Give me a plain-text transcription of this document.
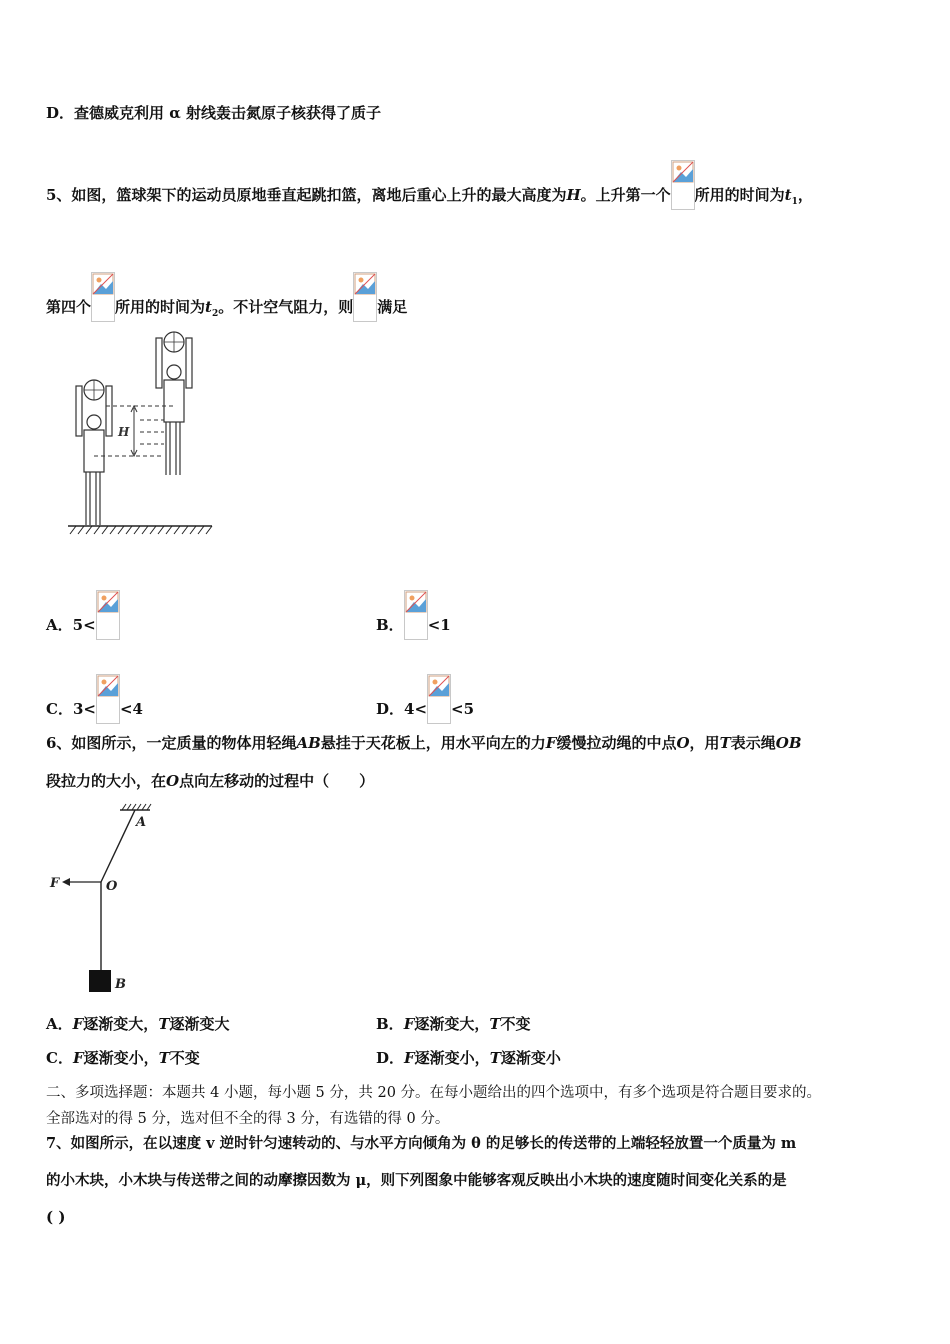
D．查德威克利用 α 射线轰击氮原子核获得了质子
5、如图，篮球架下的运动员原地垂直起跳扣篮，离地后重心上升的最大高度为H。上升第一个 所用的时间为$t_1$，
第四个 所用的时间为$t_2$。不计空气阻力，则 满足
H
A．5<	B． <1
C．3< <4	D．4< <5
6、如图所示，一定质量的物体用轻绳AB悬挂于天花板上，用水平向左的力F缓慢拉动绳的中点O，用T表示绳OB
段拉力的大小，在O点向左移动的过程中（　　）
A
F	O
B
A．F逐渐变大，T逐渐变大	B．F逐渐变大，T不变
C．F逐渐变小，T不变	D．F逐渐变小，T逐渐变小
二、多项选择题：本题共 4 小题，每小题 5 分，共 20 分。在每小题给出的四个选项中，有多个选项是符合题目要求的。
全部选对的得 5 分，选对但不全的得 3 分，有选错的得 0 分。
7、如图所示，在以速度 v 逆时针匀速转动的、与水平方向倾角为 θ 的足够长的传送带的上端轻轻放置一个质量为 m
的小木块，小木块与传送带之间的动摩擦因数为 μ，则下列图象中能够客观反映出小木块的速度随时间变化关系的是
( )
